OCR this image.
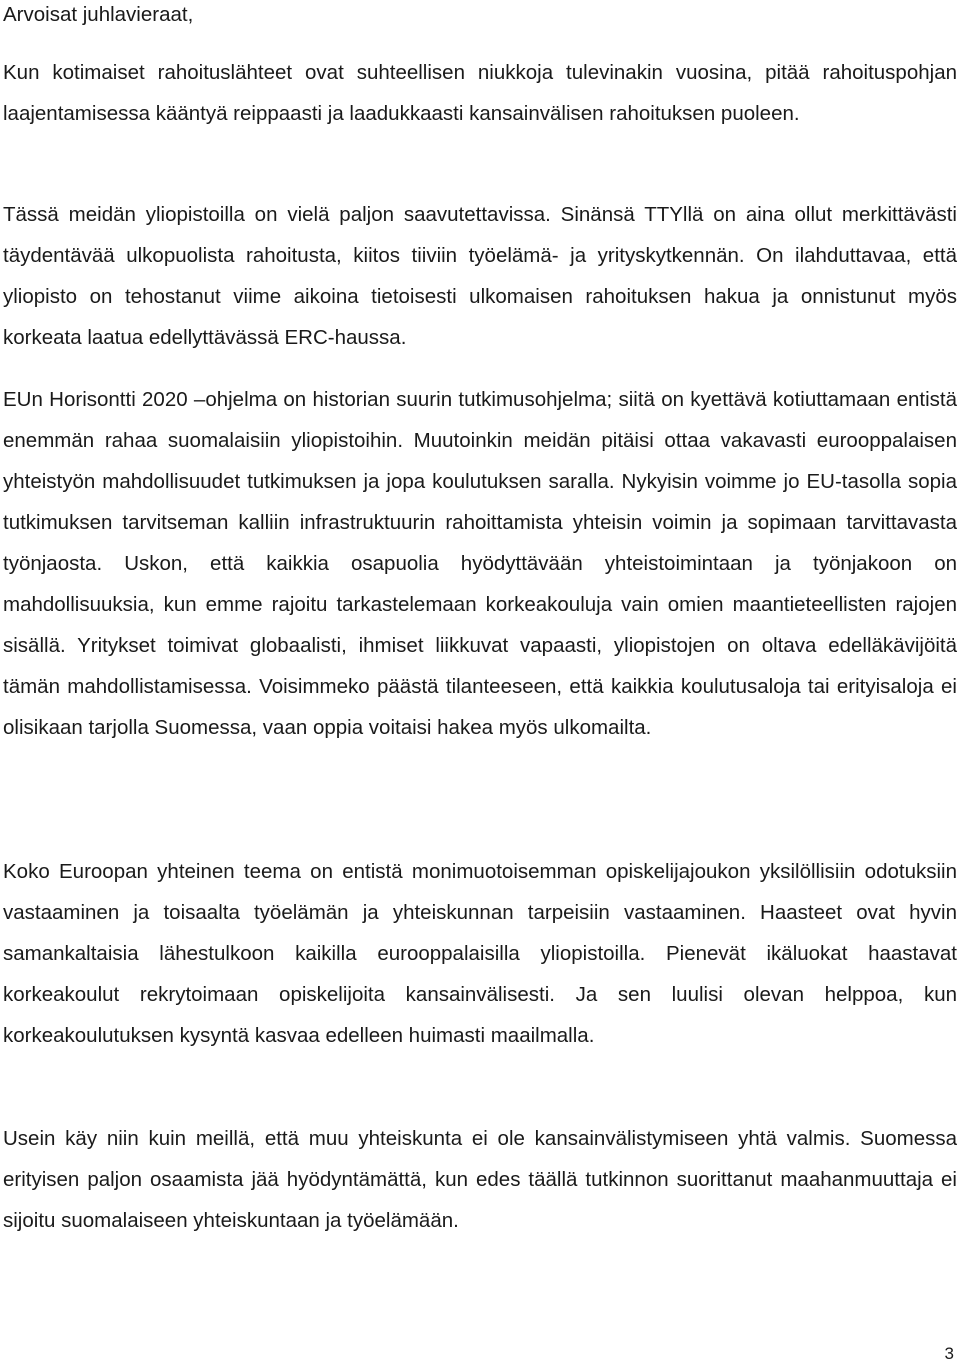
Arvoisat juhlavieraat,

Kun kotimaiset rahoituslähteet ovat suhteellisen niukkoja tulevinakin vuosina, pitää rahoituspohjan laajentamisessa kääntyä reippaasti ja laadukkaasti kansainvälisen rahoituksen puoleen.

Tässä meidän yliopistoilla on vielä paljon saavutettavissa. Sinänsä TTYllä on aina ollut merkittävästi täydentävää ulkopuolista rahoitusta, kiitos tiiviin työelämä- ja yrityskytkennän. On ilahduttavaa, että yliopisto on tehostanut viime aikoina tietoisesti ulkomaisen rahoituksen hakua ja onnistunut myös korkeata laatua edellyttävässä ERC-haussa.

EUn Horisontti 2020 –ohjelma on historian suurin tutkimusohjelma; siitä on kyettävä kotiuttamaan entistä enemmän rahaa suomalaisiin yliopistoihin. Muutoinkin meidän pitäisi ottaa vakavasti eurooppalaisen yhteistyön mahdollisuudet tutkimuksen ja jopa koulutuksen saralla. Nykyisin voimme jo EU-tasolla sopia tutkimuksen tarvitseman kalliin infrastruktuurin rahoittamista yhteisin voimin ja sopimaan tarvittavasta työnjaosta. Uskon, että kaikkia osapuolia hyödyttävään yhteistoimintaan ja työnjakoon on mahdollisuuksia, kun emme rajoitu tarkastelemaan korkeakouluja vain omien maantieteellisten rajojen sisällä. Yritykset toimivat globaalisti, ihmiset liikkuvat vapaasti, yliopistojen on oltava edelläkävijöitä tämän mahdollistamisessa. Voisimmeko päästä tilanteeseen, että kaikkia koulutusaloja tai erityisaloja ei olisikaan tarjolla Suomessa, vaan oppia voitaisi hakea myös ulkomailta.

Koko Euroopan yhteinen teema on entistä monimuotoisemman opiskelijajoukon yksilöllisiin odotuksiin vastaaminen ja toisaalta työelämän ja yhteiskunnan tarpeisiin vastaaminen. Haasteet ovat hyvin samankaltaisia lähestulkoon kaikilla eurooppalaisilla yliopistoilla. Pienevät ikäluokat haastavat korkeakoulut rekrytoimaan opiskelijoita kansainvälisesti. Ja sen luulisi olevan helppoa, kun korkeakoulutuksen kysyntä kasvaa edelleen huimasti maailmalla.

Usein käy niin kuin meillä, että muu yhteiskunta ei ole kansainvälistymiseen yhtä valmis. Suomessa erityisen paljon osaamista jää hyödyntämättä, kun edes täällä tutkinnon suorittanut maahanmuuttaja ei sijoitu suomalaiseen yhteiskuntaan ja työelämään.

3
